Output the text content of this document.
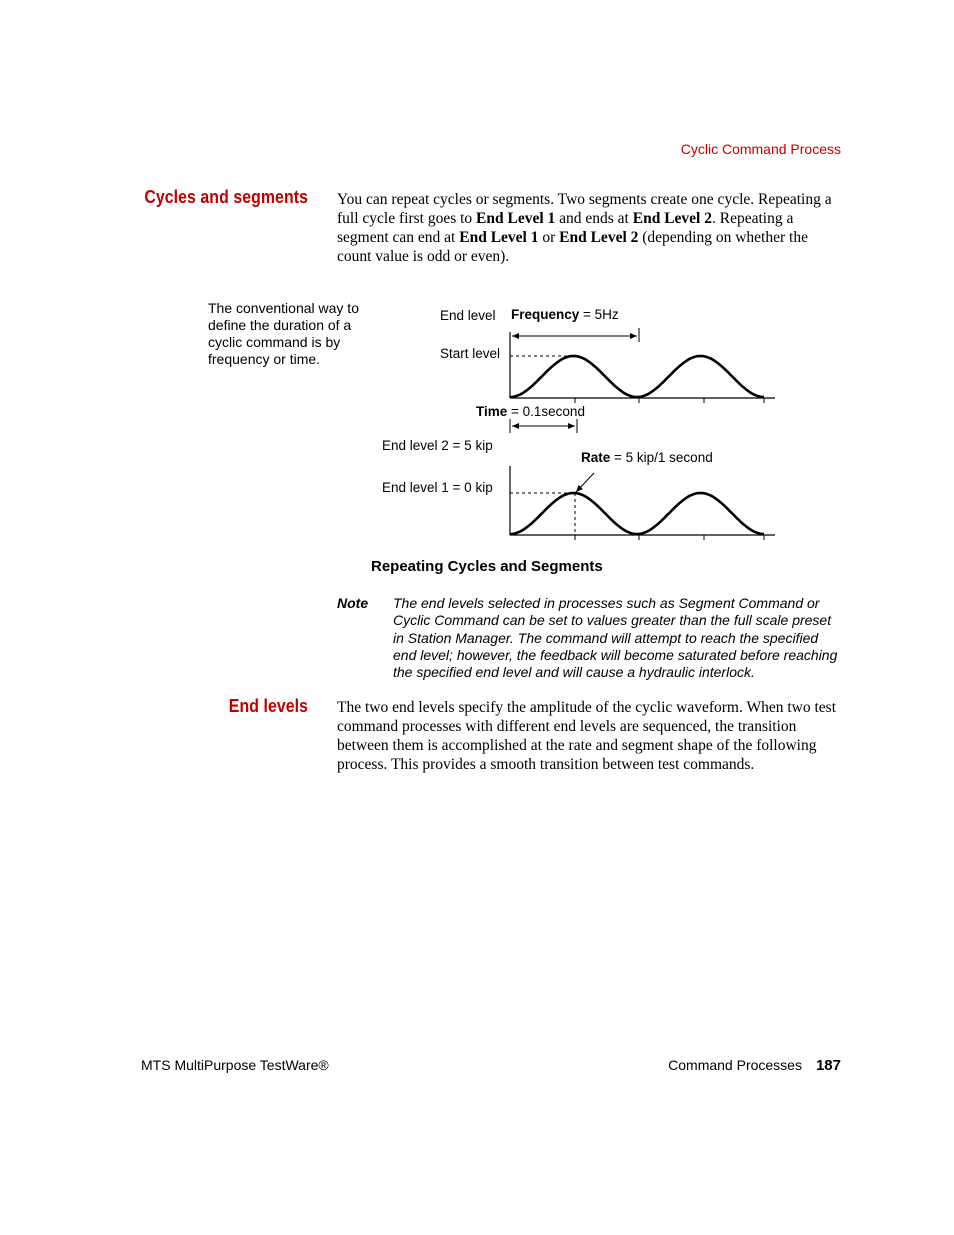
Cyclic Command Process
Cycles and segments You can repeat cycles or segments. Two segments create one cycle. Repeating a full cycle first goes to End Level 1 and ends at End Level 2. Repeating a segment can end at End Level 1 or End Level 2 (depending on whether the count value is odd or even).
The conventional way to define the duration of a cyclic command is by frequency or time.
End level Frequency = 5Hz
Start level
Time = 0.1second
End level 2 = 5 kip
Rate = 5 kip/1 second
End level 1 = 0 kip
Repeating Cycles and Segments
Note The end levels selected in processes such as Segment Command or Cyclic Command can be set to values greater than the full scale preset in Station Manager. The command will attempt to reach the specified end level; however, the feedback will become saturated before reaching the specified end level and will cause a hydraulic interlock.
End levels The two end levels specify the amplitude of the cyclic waveform. When two test command processes with different end levels are sequenced, the transition between them is accomplished at the rate and segment shape of the following process. This provides a smooth transition between test commands.
MTS MultiPurpose TestWare®	Command Processes 187
